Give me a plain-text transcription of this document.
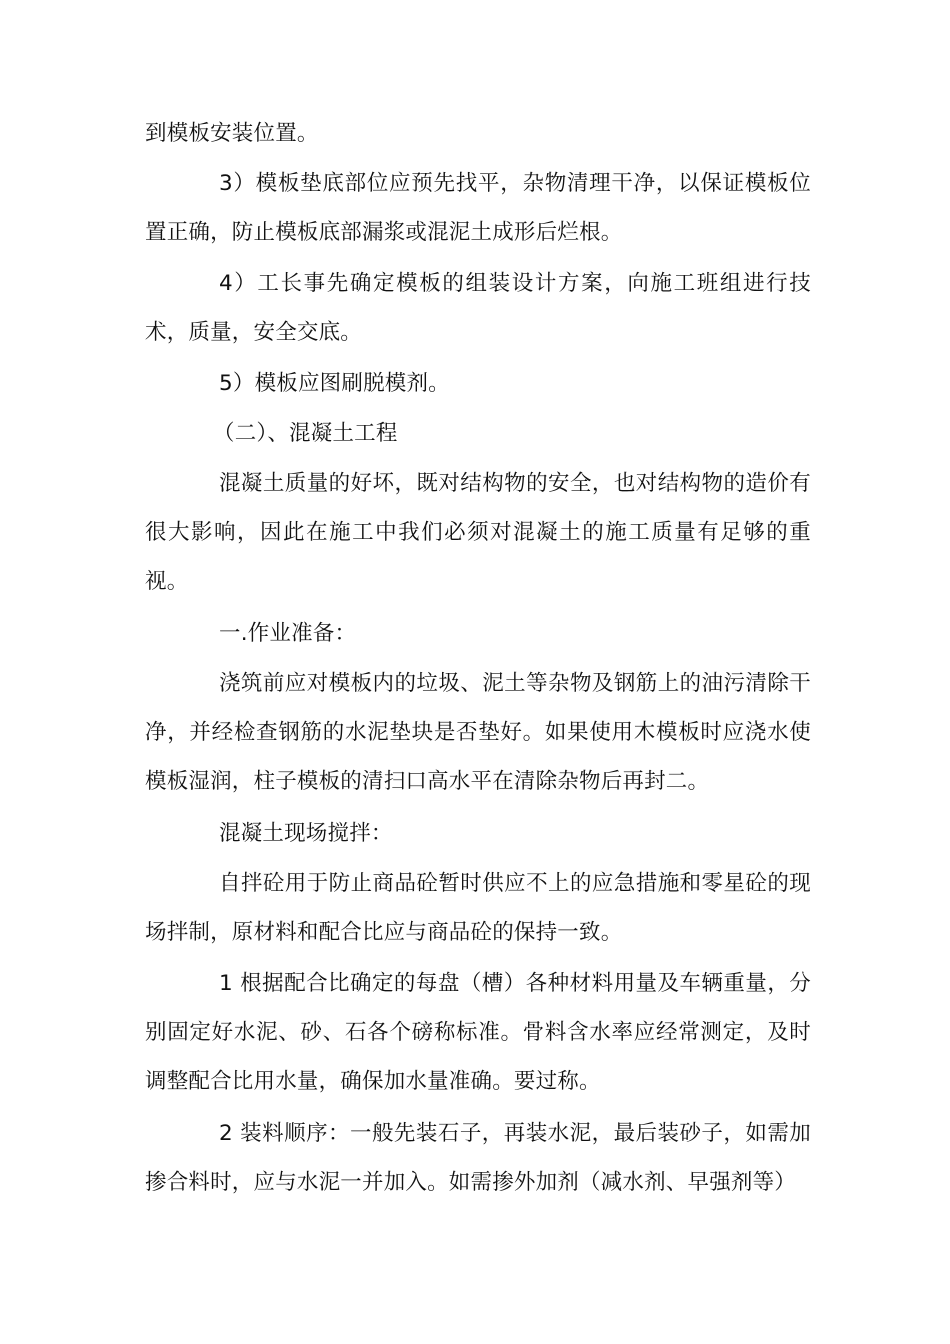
到模板安装位置。

3）模板垫底部位应预先找平，杂物清理干净，以保证模板位置正确，防止模板底部漏浆或混泥土成形后烂根。

4）工长事先确定模板的组装设计方案，向施工班组进行技术，质量，安全交底。

5）模板应图刷脱模剂。

（二）、混凝土工程

混凝土质量的好坏，既对结构物的安全，也对结构物的造价有很大影响，因此在施工中我们必须对混凝土的施工质量有足够的重视。

一.作业准备：

浇筑前应对模板内的垃圾、泥土等杂物及钢筋上的油污清除干净，并经检查钢筋的水泥垫块是否垫好。如果使用木模板时应浇水使模板湿润，柱子模板的清扫口高水平在清除杂物后再封二。

混凝土现场搅拌：

自拌砼用于防止商品砼暂时供应不上的应急措施和零星砼的现场拌制，原材料和配合比应与商品砼的保持一致。

1 根据配合比确定的每盘（槽）各种材料用量及车辆重量，分别固定好水泥、砂、石各个磅称标准。骨料含水率应经常测定，及时调整配合比用水量，确保加水量准确。要过称。

2 装料顺序：一般先装石子，再装水泥，最后装砂子，如需加掺合料时，应与水泥一并加入。如需掺外加剂（减水剂、早强剂等）
